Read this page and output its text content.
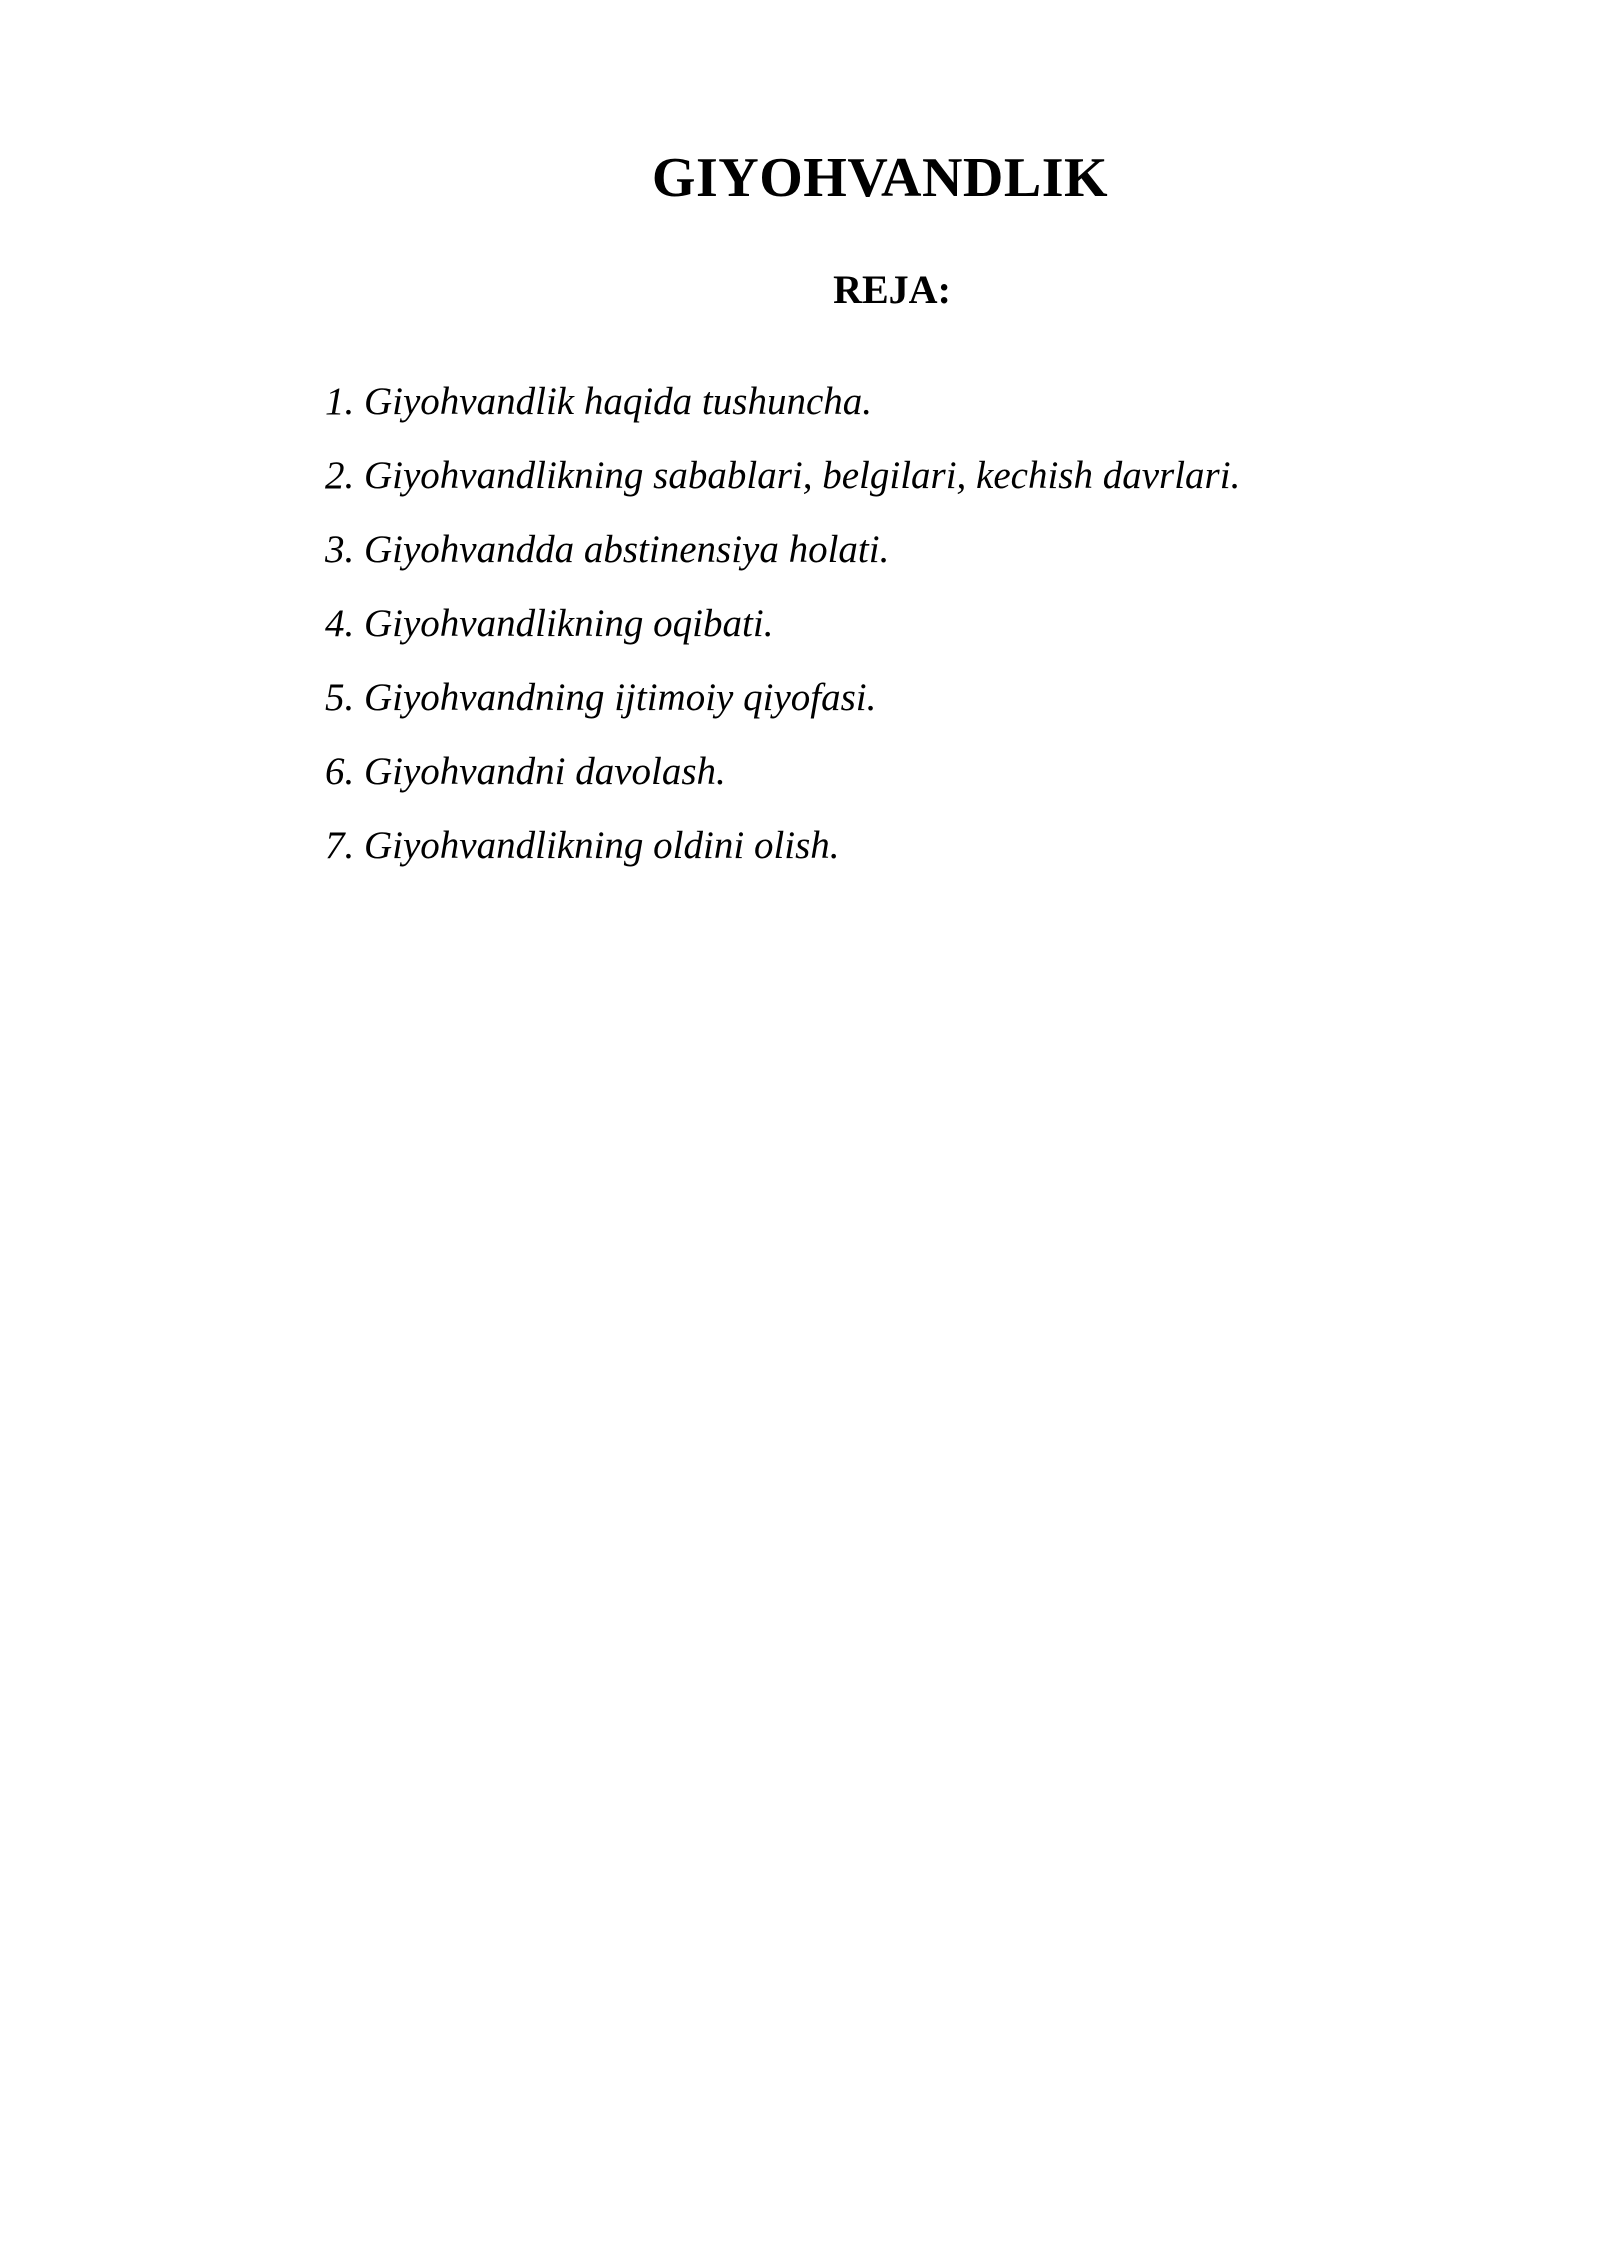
GIYOHVANDLIK
REJA:
1. Giyohvandlik haqida tushuncha.
2. Giyohvandlikning sabablari, belgilari, kechish davrlari.
3. Giyohvandda abstinensiya holati.
4. Giyohvandlikning oqibati.
5. Giyohvandning ijtimoiy qiyofasi.
6. Giyohvandni davolash.
7. Giyohvandlikning oldini olish.
